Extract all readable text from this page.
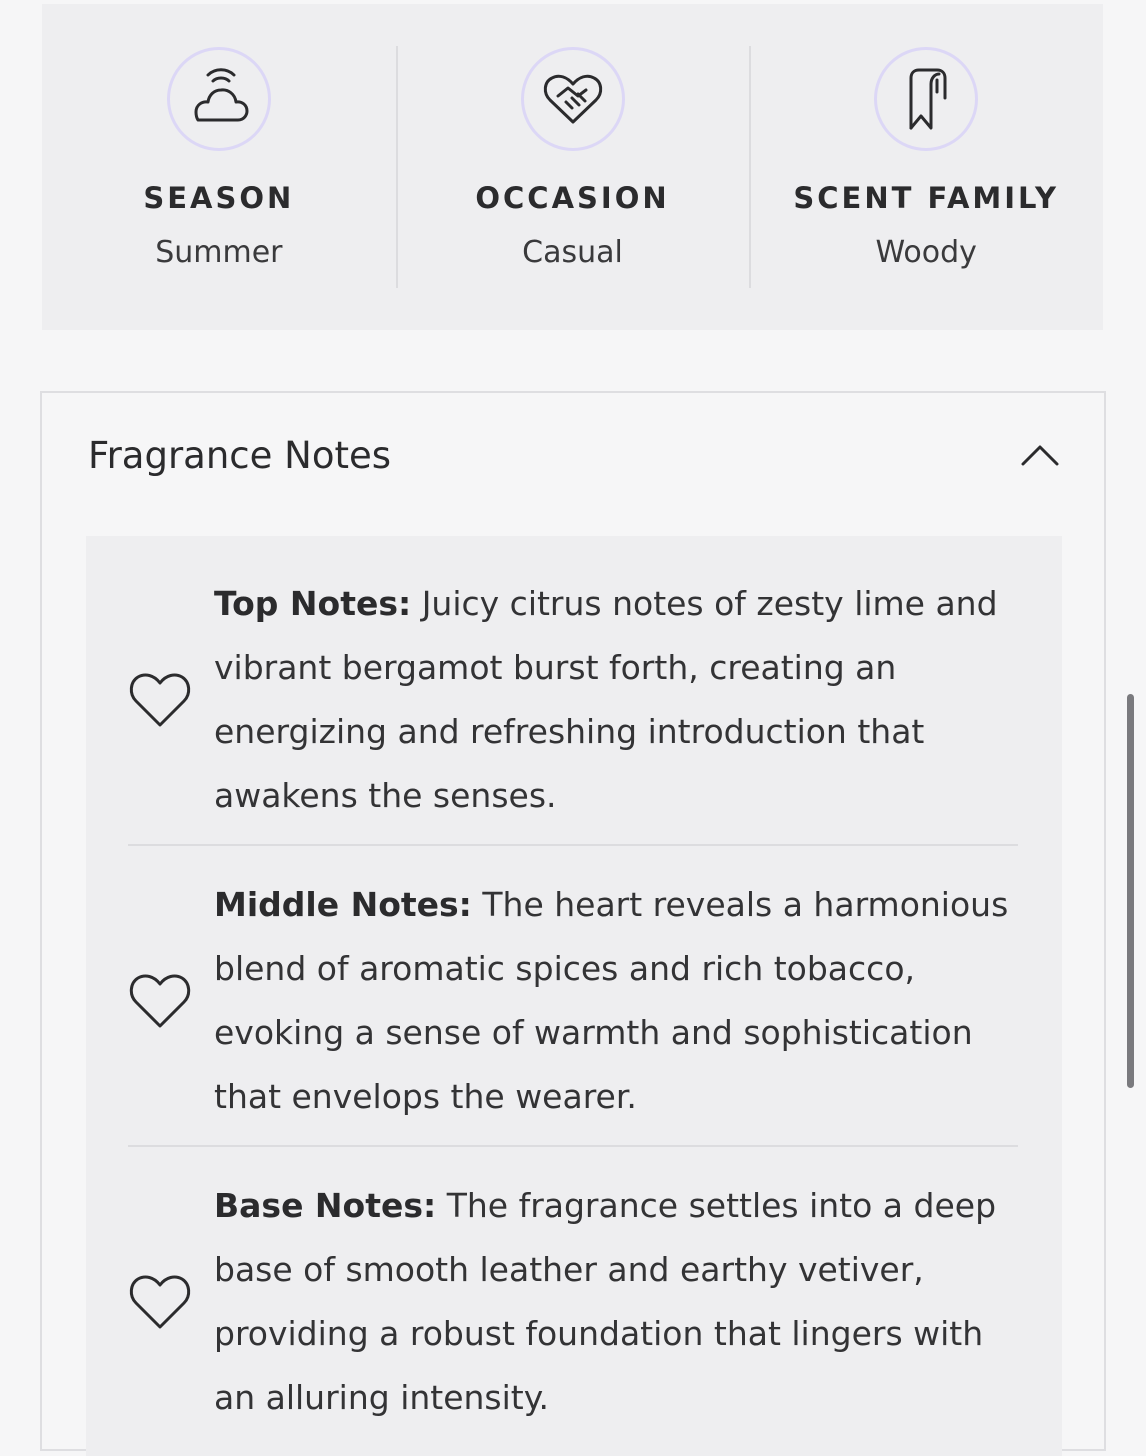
SEASON
Summer
OCCASION
Casual
SCENT FAMILY
Woody
Fragrance Notes
Top Notes: Juicy citrus notes of zesty lime and vibrant bergamot burst forth, creating an energizing and refreshing introduction that awakens the senses.
Middle Notes: The heart reveals a harmonious blend of aromatic spices and rich tobacco, evoking a sense of warmth and sophistication that envelops the wearer.
Base Notes: The fragrance settles into a deep base of smooth leather and earthy vetiver, providing a robust foundation that lingers with an alluring intensity.
